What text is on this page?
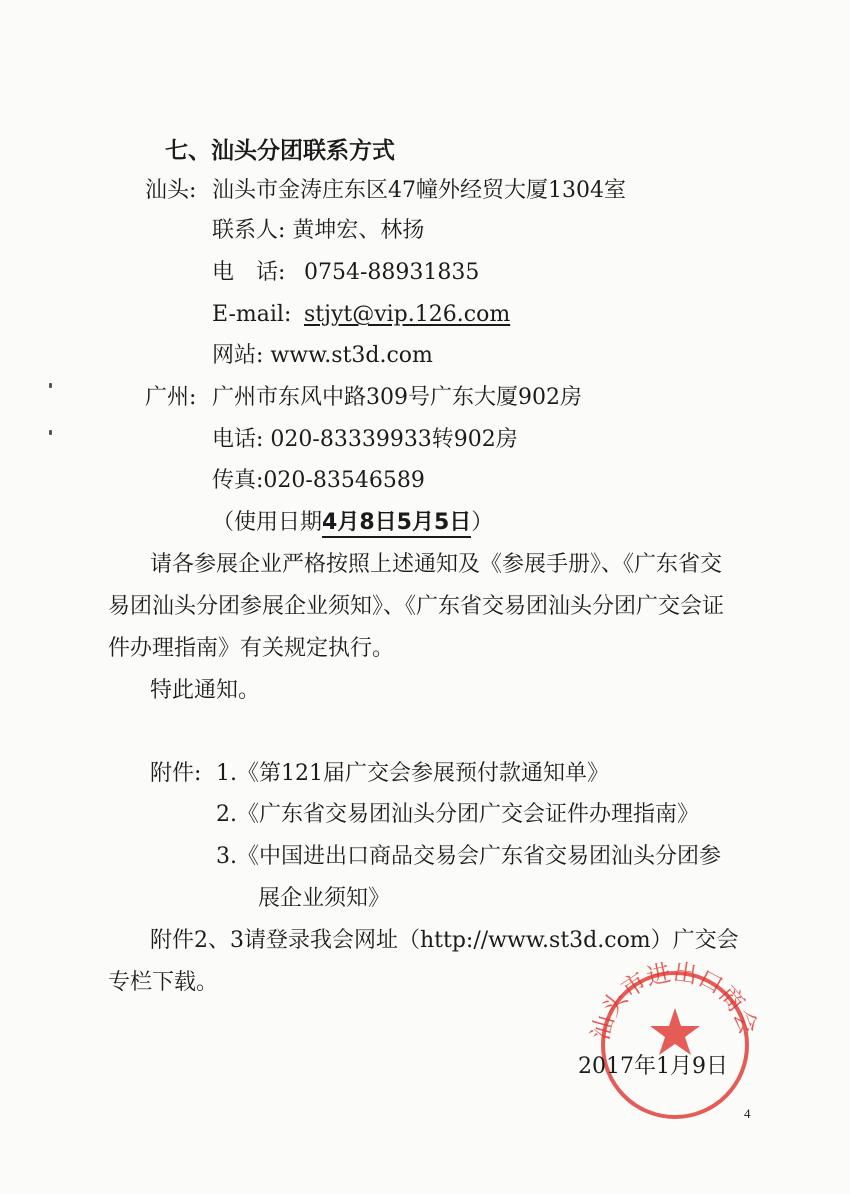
七、汕头分团联系方式
汕头: 汕头市金涛庄东区47幢外经贸大厦1304室
联系人: 黄坤宏、林扬
电　话: 0754-88931835
E-mail: stjyt@vip.126.com
网站: www.st3d.com
广州: 广州市东风中路309号广东大厦902房
电话: 020-83339933转902房
传真:020-83546589
（使用日期4月8日5月5日）
请各参展企业严格按照上述通知及《参展手册》、《广东省交
易团汕头分团参展企业须知》、《广东省交易团汕头分团广交会证
件办理指南》有关规定执行。
特此通知。
附件: 1.《第121届广交会参展预付款通知单》
2.《广东省交易团汕头分团广交会证件办理指南》
3.《中国进出口商品交易会广东省交易团汕头分团参
展企业须知》
附件2、3请登录我会网址（http://www.st3d.com）广交会
专栏下载。
汕头市进出口商会
2017年1月9日
4
